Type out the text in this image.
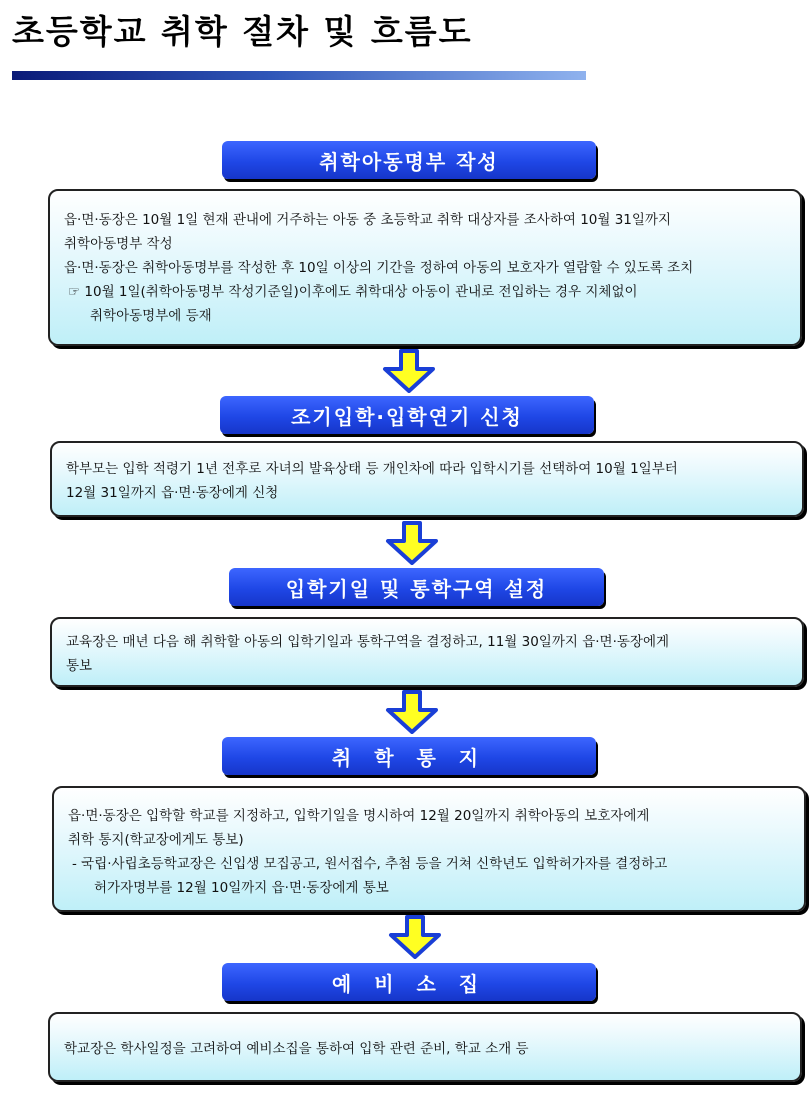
초등학교 취학 절차 및 흐름도
취학아동명부 작성

읍·면·동장은 10월 1일 현재 관내에 거주하는 아동 중 초등학교 취학 대상자를 조사하여 10월 31일까지

취학아동명부 작성

읍·면·동장은 취학아동명부를 작성한 후 10일 이상의 기간을 정하여 아동의 보호자가 열람할 수 있도록 조치

☞ 10월 1일(취학아동명부 작성기준일)이후에도 취학대상 아동이 관내로 전입하는 경우 지체없이

취학아동명부에 등재

조기입학·입학연기 신청

학부모는 입학 적령기 1년 전후로 자녀의 발육상태 등 개인차에 따라 입학시기를 선택하여 10월 1일부터

12월 31일까지 읍·면·동장에게 신청

입학기일 및 통학구역 설정

교육장은 매년 다음 해 취학할 아동의 입학기일과 통학구역을 결정하고, 11월 30일까지 읍·면·동장에게

통보

취 학 통 지

읍·면·동장은 입학할 학교를 지정하고, 입학기일을 명시하여 12월 20일까지 취학아동의 보호자에게

취학 통지(학교장에게도 통보)

- 국립·사립초등학교장은 신입생 모집공고, 원서접수, 추첨 등을 거쳐 신학년도 입학허가자를 결정하고

허가자명부를 12월 10일까지 읍·면·동장에게 통보

예 비 소 집

학교장은 학사일정을 고려하여 예비소집을 통하여 입학 관련 준비, 학교 소개 등
